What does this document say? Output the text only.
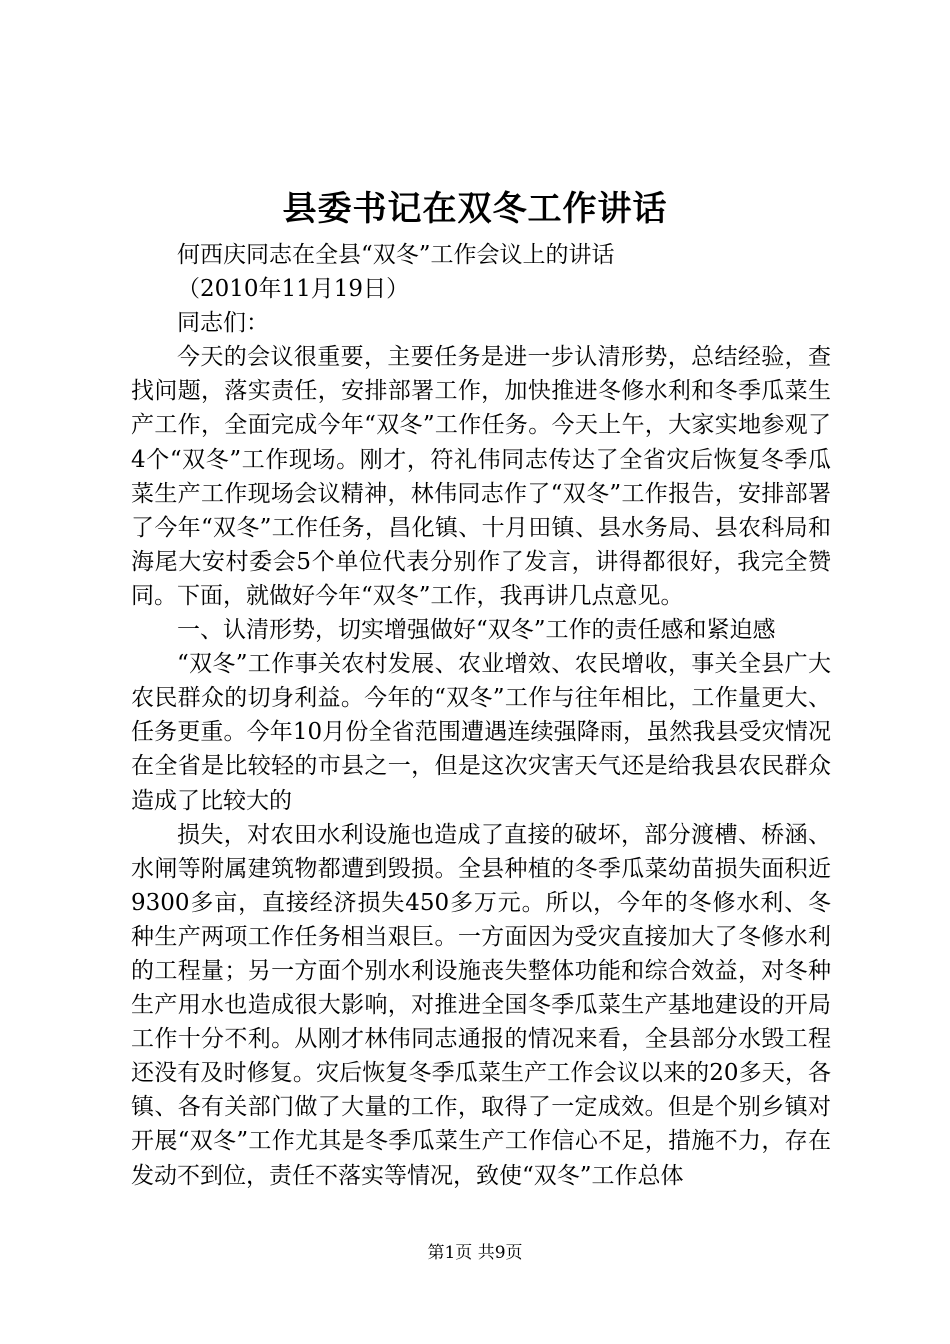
县委书记在双冬工作讲话

何西庆同志在全县“双冬”工作会议上的讲话

（2010年11月19日）

同志们：

今天的会议很重要，主要任务是进一步认清形势，总结经验，查找问题，落实责任，安排部署工作，加快推进冬修水利和冬季瓜菜生产工作，全面完成今年“双冬”工作任务。今天上午，大家实地参观了4个“双冬”工作现场。刚才，符礼伟同志传达了全省灾后恢复冬季瓜菜生产工作现场会议精神，林伟同志作了“双冬”工作报告，安排部署了今年“双冬”工作任务，昌化镇、十月田镇、县水务局、县农科局和海尾大安村委会5个单位代表分别作了发言，讲得都很好，我完全赞同。下面，就做好今年“双冬”工作，我再讲几点意见。

一、认清形势，切实增强做好“双冬”工作的责任感和紧迫感

“双冬”工作事关农村发展、农业增效、农民增收，事关全县广大农民群众的切身利益。今年的“双冬”工作与往年相比，工作量更大、任务更重。今年10月份全省范围遭遇连续强降雨，虽然我县受灾情况在全省是比较轻的市县之一，但是这次灾害天气还是给我县农民群众造成了比较大的

损失，对农田水利设施也造成了直接的破坏，部分渡槽、桥涵、水闸等附属建筑物都遭到毁损。全县种植的冬季瓜菜幼苗损失面积近9300多亩，直接经济损失450多万元。所以，今年的冬修水利、冬种生产两项工作任务相当艰巨。一方面因为受灾直接加大了冬修水利的工程量；另一方面个别水利设施丧失整体功能和综合效益，对冬种生产用水也造成很大影响，对推进全国冬季瓜菜生产基地建设的开局工作十分不利。从刚才林伟同志通报的情况来看，全县部分水毁工程还没有及时修复。灾后恢复冬季瓜菜生产工作会议以来的20多天，各镇、各有关部门做了大量的工作，取得了一定成效。但是个别乡镇对开展“双冬”工作尤其是冬季瓜菜生产工作信心不足，措施不力，存在发动不到位，责任不落实等情况，致使“双冬”工作总体

第1页 共9页
